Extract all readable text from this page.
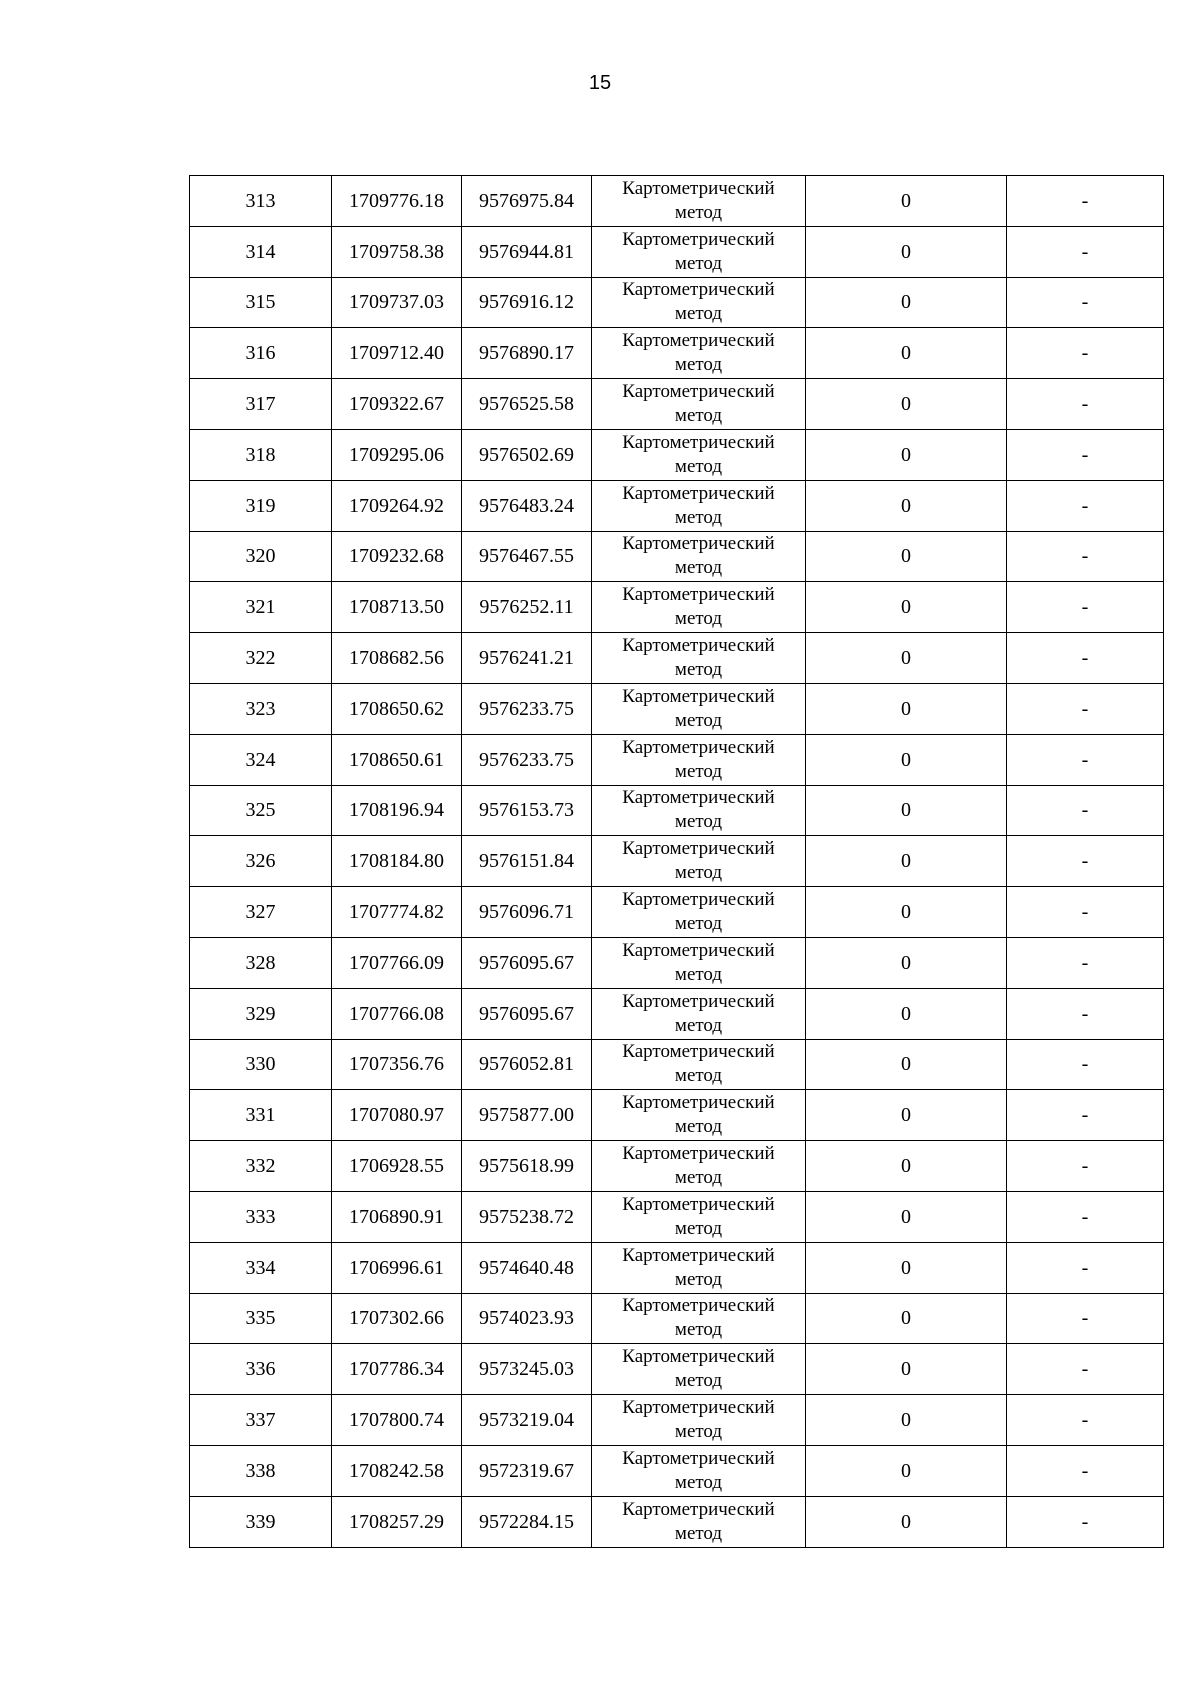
15
313	1709776.18	9576975.84	Картометрический
метод	0	-
314	1709758.38	9576944.81	Картометрический
метод	0	-
315	1709737.03	9576916.12	Картометрический
метод	0	-
316	1709712.40	9576890.17	Картометрический
метод	0	-
317	1709322.67	9576525.58	Картометрический
метод	0	-
318	1709295.06	9576502.69	Картометрический
метод	0	-
319	1709264.92	9576483.24	Картометрический
метод	0	-
320	1709232.68	9576467.55	Картометрический
метод	0	-
321	1708713.50	9576252.11	Картометрический
метод	0	-
322	1708682.56	9576241.21	Картометрический
метод	0	-
323	1708650.62	9576233.75	Картометрический
метод	0	-
324	1708650.61	9576233.75	Картометрический
метод	0	-
325	1708196.94	9576153.73	Картометрический
метод	0	-
326	1708184.80	9576151.84	Картометрический
метод	0	-
327	1707774.82	9576096.71	Картометрический
метод	0	-
328	1707766.09	9576095.67	Картометрический
метод	0	-
329	1707766.08	9576095.67	Картометрический
метод	0	-
330	1707356.76	9576052.81	Картометрический
метод	0	-
331	1707080.97	9575877.00	Картометрический
метод	0	-
332	1706928.55	9575618.99	Картометрический
метод	0	-
333	1706890.91	9575238.72	Картометрический
метод	0	-
334	1706996.61	9574640.48	Картометрический
метод	0	-
335	1707302.66	9574023.93	Картометрический
метод	0	-
336	1707786.34	9573245.03	Картометрический
метод	0	-
337	1707800.74	9573219.04	Картометрический
метод	0	-
338	1708242.58	9572319.67	Картометрический
метод	0	-
339	1708257.29	9572284.15	Картометрический
метод	0	-
